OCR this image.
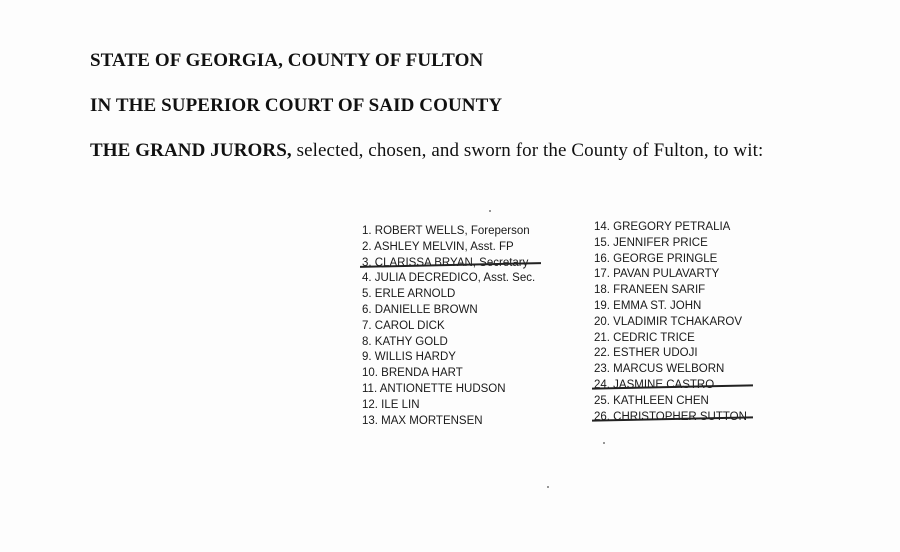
STATE OF GEORGIA, COUNTY OF FULTON
IN THE SUPERIOR COURT OF SAID COUNTY
THE GRAND JURORS, selected, chosen, and sworn for the County of Fulton, to wit:
1. ROBERT WELLS, Foreperson
2. ASHLEY MELVIN, Asst. FP
3. CLARISSA BRYAN, Secretary
4. JULIA DECREDICO, Asst. Sec.
5. ERLE ARNOLD
6. DANIELLE BROWN
7. CAROL DICK
8. KATHY GOLD
9. WILLIS HARDY
10. BRENDA HART
11. ANTIONETTE HUDSON
12. ILE LIN
13. MAX MORTENSEN
14. GREGORY PETRALIA
15. JENNIFER PRICE
16. GEORGE PRINGLE
17. PAVAN PULAVARTY
18. FRANEEN SARIF
19. EMMA ST. JOHN
20. VLADIMIR TCHAKAROV
21. CEDRIC TRICE
22. ESTHER UDOJI
23. MARCUS WELBORN
24. JASMINE CASTRO
25. KATHLEEN CHEN
26. CHRISTOPHER SUTTON
